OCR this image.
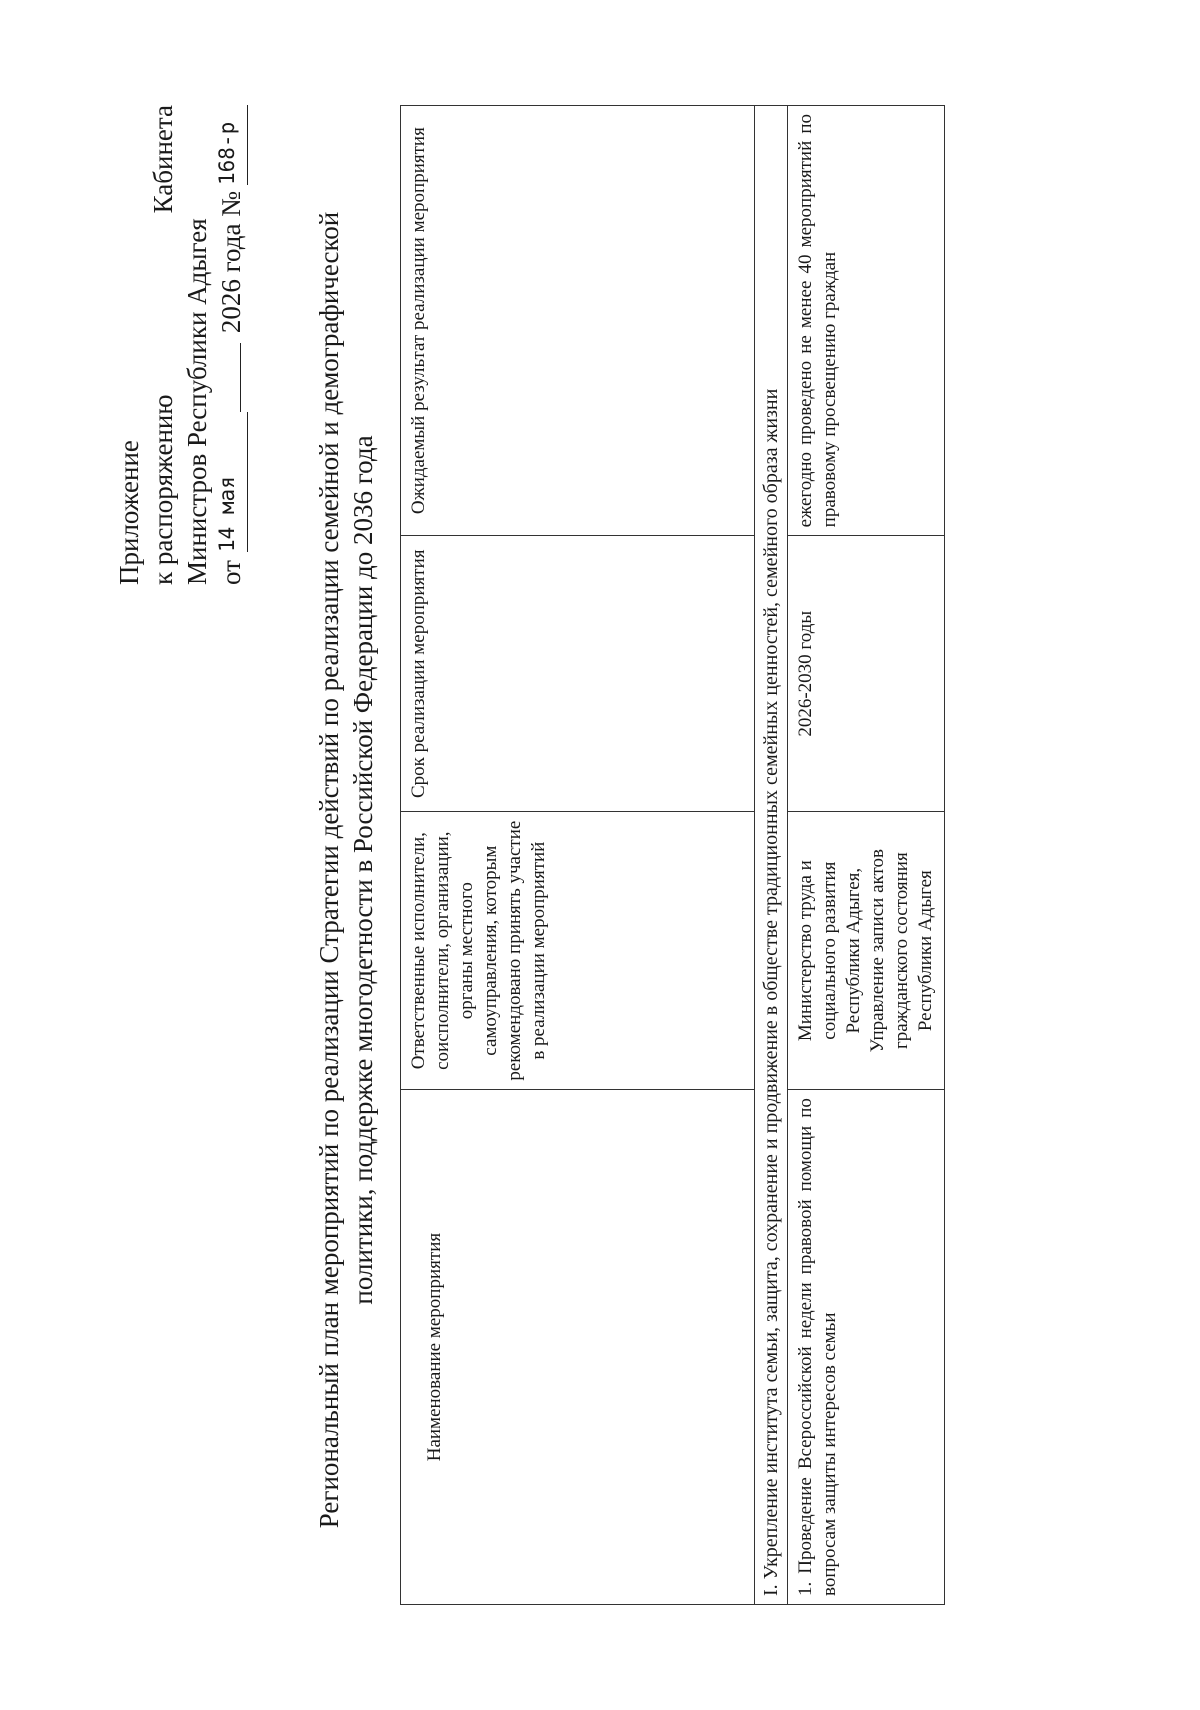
Приложение к распоряжению
Кабинета
Министров Республики Адыгея от
14 мая
2026 года №
168-р
Региональный план мероприятий по реализации Стратегии действий по реализации семейной и демографической политики, поддержке многодетности в Российской Федерации до 2036 года
Наименование мероприятия	Ответственные исполнители, соисполнители, организации, органы местного самоуправления, которым рекомендовано принять участие в реализации мероприятий	Срок реализации мероприятия	Ожидаемый результат реализации мероприятия
I. Укрепление института семьи, защита, сохранение и продвижение в обществе традиционных семейных ценностей, семейного образа жизни			
1. Проведение Всероссийской недели правовой помощи по вопросам защиты интересов семьи	Министерство труда и социального развития Республики Адыгея, Управление записи актов гражданского состояния Республики Адыгея	2026-2030 годы	ежегодно проведено не менее 40 мероприятий по правовому просвещению граждан
